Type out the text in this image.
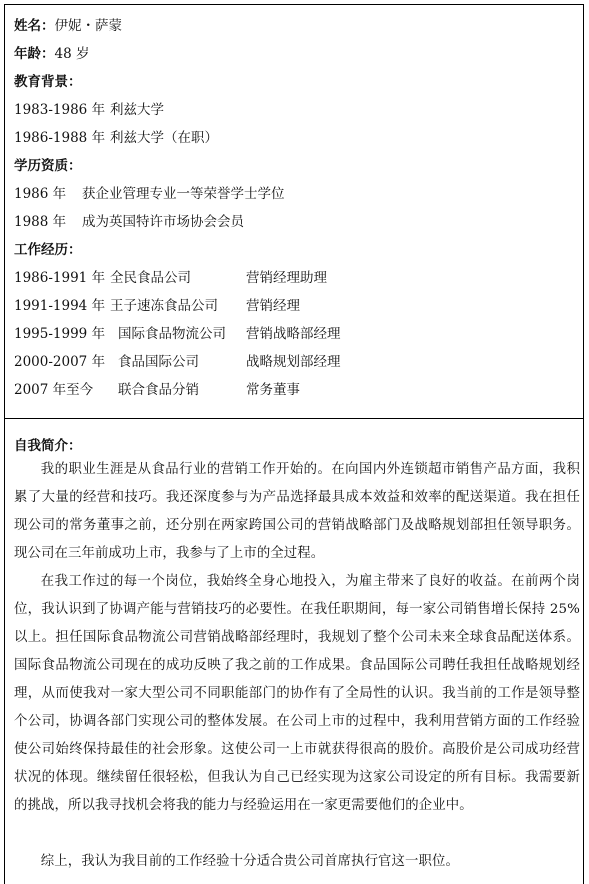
姓名：伊妮・萨蒙
年龄：48 岁
教育背景：
1983-1986 年 利兹大学
1986-1988 年 利兹大学（在职）
学历资质：
1986 年 获企业管理专业一等荣誉学士学位
1988 年 成为英国特许市场协会会员
工作经历：
1986-1991 年 全民食品公司	营销经理助理
1991-1994 年 王子速冻食品公司 营销经理
1995-1999 年 国际食品物流公司 营销战略部经理
2000-2007 年 食品国际公司	战略规划部经理
2007 年至今 联合食品分销	常务董事
自我简介：
我的职业生涯是从食品行业的营销工作开始的。在向国内外连锁超市销售产品方面，我积累了大量的经营和技巧。我还深度参与为产品选择最具成本效益和效率的配送渠道。我在担任现公司的常务董事之前，还分别在两家跨国公司的营销战略部门及战略规划部担任领导职务。现公司在三年前成功上市，我参与了上市的全过程。
在我工作过的每一个岗位，我始终全身心地投入，为雇主带来了良好的收益。在前两个岗位，我认识到了协调产能与营销技巧的必要性。在我任职期间，每一家公司销售增长保持 25%以上。担任国际食品物流公司营销战略部经理时，我规划了整个公司未来全球食品配送体系。国际食品物流公司现在的成功反映了我之前的工作成果。食品国际公司聘任我担任战略规划经理，从而使我对一家大型公司不同职能部门的协作有了全局性的认识。我当前的工作是领导整个公司，协调各部门实现公司的整体发展。在公司上市的过程中，我利用营销方面的工作经验使公司始终保持最佳的社会形象。这使公司一上市就获得很高的股价。高股价是公司成功经营状况的体现。继续留任很轻松，但我认为自己已经实现为这家公司设定的所有目标。我需要新的挑战，所以我寻找机会将我的能力与经验运用在一家更需要他们的企业中。
综上，我认为我目前的工作经验十分适合贵公司首席执行官这一职位。
